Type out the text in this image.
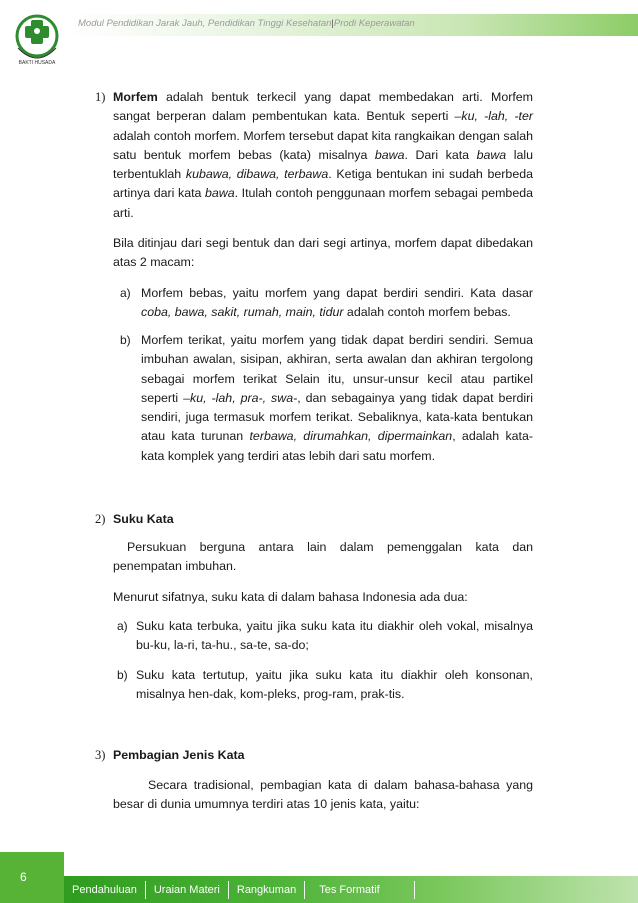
BAKTI HUSADA
Modul Pendidikan Jarak Jauh, Pendidikan Tinggi Kesehatan|Prodi Keperawatan
1) Morfem adalah bentuk terkecil yang dapat membedakan arti. Morfem sangat berperan dalam pembentukan kata. Bentuk seperti –ku, -lah, -ter adalah contoh morfem. Morfem tersebut dapat kita rangkaikan dengan salah satu bentuk morfem bebas (kata) misalnya bawa. Dari kata bawa lalu terbentuklah kubawa, dibawa, terbawa. Ketiga bentukan ini sudah berbeda artinya dari kata bawa. Itulah contoh penggunaan morfem sebagai pembeda arti.
Bila ditinjau dari segi bentuk dan dari segi artinya, morfem dapat dibedakan atas 2 macam:
a) Morfem bebas, yaitu morfem yang dapat berdiri sendiri. Kata dasar coba, bawa, sakit, rumah, main, tidur adalah contoh morfem bebas.
b) Morfem terikat, yaitu morfem yang tidak dapat berdiri sendiri. Semua imbuhan awalan, sisipan, akhiran, serta awalan dan akhiran tergolong sebagai morfem terikat Selain itu, unsur-unsur kecil atau partikel seperti –ku, -lah, pra-, swa-, dan sebagainya yang tidak dapat berdiri sendiri, juga termasuk morfem terikat. Sebaliknya, kata-kata bentukan atau kata turunan terbawa, dirumahkan, dipermainkan, adalah kata-kata komplek yang terdiri atas lebih dari satu morfem.
2) Suku Kata
Persukuan berguna antara lain dalam pemenggalan kata dan penempatan imbuhan.
Menurut sifatnya, suku kata di dalam bahasa Indonesia ada dua:
a) Suku kata terbuka, yaitu jika suku kata itu diakhir oleh vokal, misalnya bu-ku, la-ri, ta-hu., sa-te, sa-do;
b) Suku kata tertutup, yaitu jika suku kata itu diakhir oleh konsonan, misalnya hen-dak, kom-pleks, prog-ram, prak-tis.
3) Pembagian Jenis Kata
Secara tradisional, pembagian kata di dalam bahasa-bahasa yang besar di dunia umumnya terdiri atas 10 jenis kata, yaitu:
6
Pendahuluan	Uraian Materi	Rangkuman	Tes Formatif
